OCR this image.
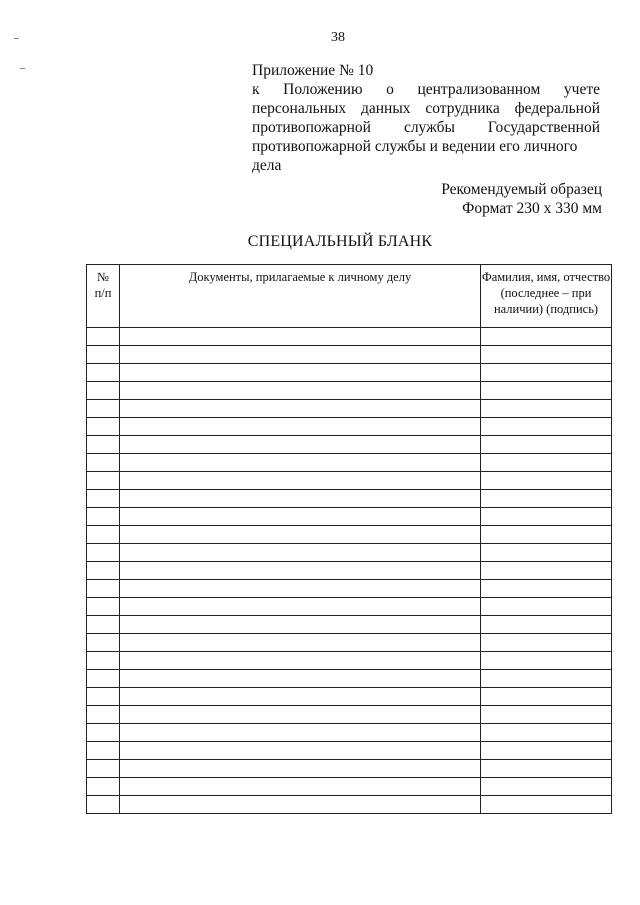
38
Приложение № 10
к Положению о централизованном учете
персональных данных сотрудника федеральной
противопожарной службы Государственной
противопожарной службы и ведении его личного дела
Рекомендуемый образец
Формат 230 х 330 мм
СПЕЦИАЛЬНЫЙ БЛАНК
№
п/п	Документы, прилагаемые к личному делу	Фамилия, имя, отчество (последнее – при наличии) (подпись)
